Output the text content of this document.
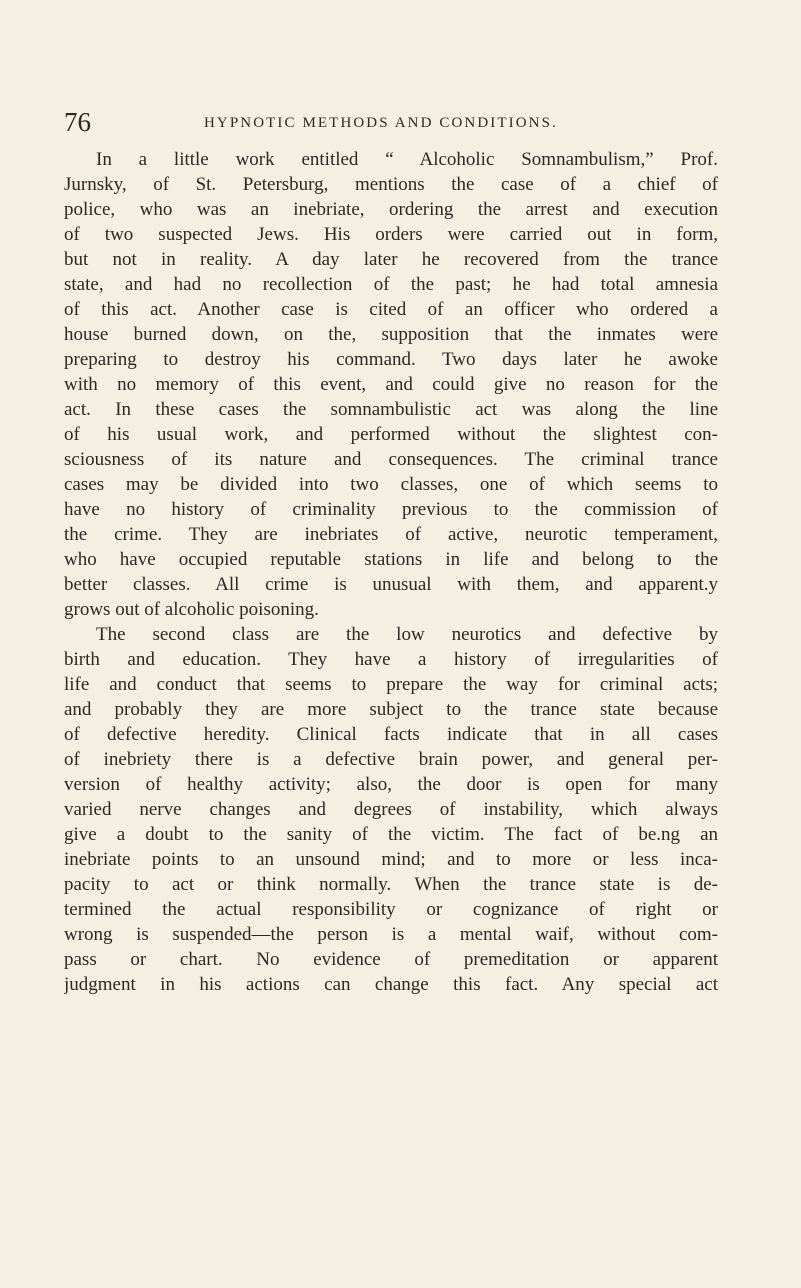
76	HYPNOTIC METHODS AND CONDITIONS.
In a little work entitled “ Alcoholic Somnambulism,” Prof.
Jurnsky, of St. Petersburg, mentions the case of a chief of
police, who was an inebriate, ordering the arrest and execution
of two suspected Jews. His orders were carried out in form,
but not in reality. A day later he recovered from the trance
state, and had no recollection of the past; he had total amnesia
of this act. Another case is cited of an officer who ordered a
house burned down, on the, supposition that the inmates were
preparing to destroy his command. Two days later he awoke
with no memory of this event, and could give no reason for the
act. In these cases the somnambulistic act was along the line
of his usual work, and performed without the slightest con-
sciousness of its nature and consequences. The criminal trance
cases may be divided into two classes, one of which seems to
have no history of criminality previous to the commission of
the crime. They are inebriates of active, neurotic temperament,
who have occupied reputable stations in life and belong to the
better classes. All crime is unusual with them, and apparent.y
grows out of alcoholic poisoning.
The second class are the low neurotics and defective by
birth and education. They have a history of irregularities of
life and conduct that seems to prepare the way for criminal acts;
and probably they are more subject to the trance state because
of defective heredity. Clinical facts indicate that in all cases
of inebriety there is a defective brain power, and general per-
version of healthy activity; also, the door is open for many
varied nerve changes and degrees of instability, which always
give a doubt to the sanity of the victim. The fact of be.ng an
inebriate points to an unsound mind; and to more or less inca-
pacity to act or think normally. When the trance state is de-
termined the actual responsibility or cognizance of right or
wrong is suspended—the person is a mental waif, without com-
pass or chart. No evidence of premeditation or apparent
judgment in his actions can change this fact. Any special act
